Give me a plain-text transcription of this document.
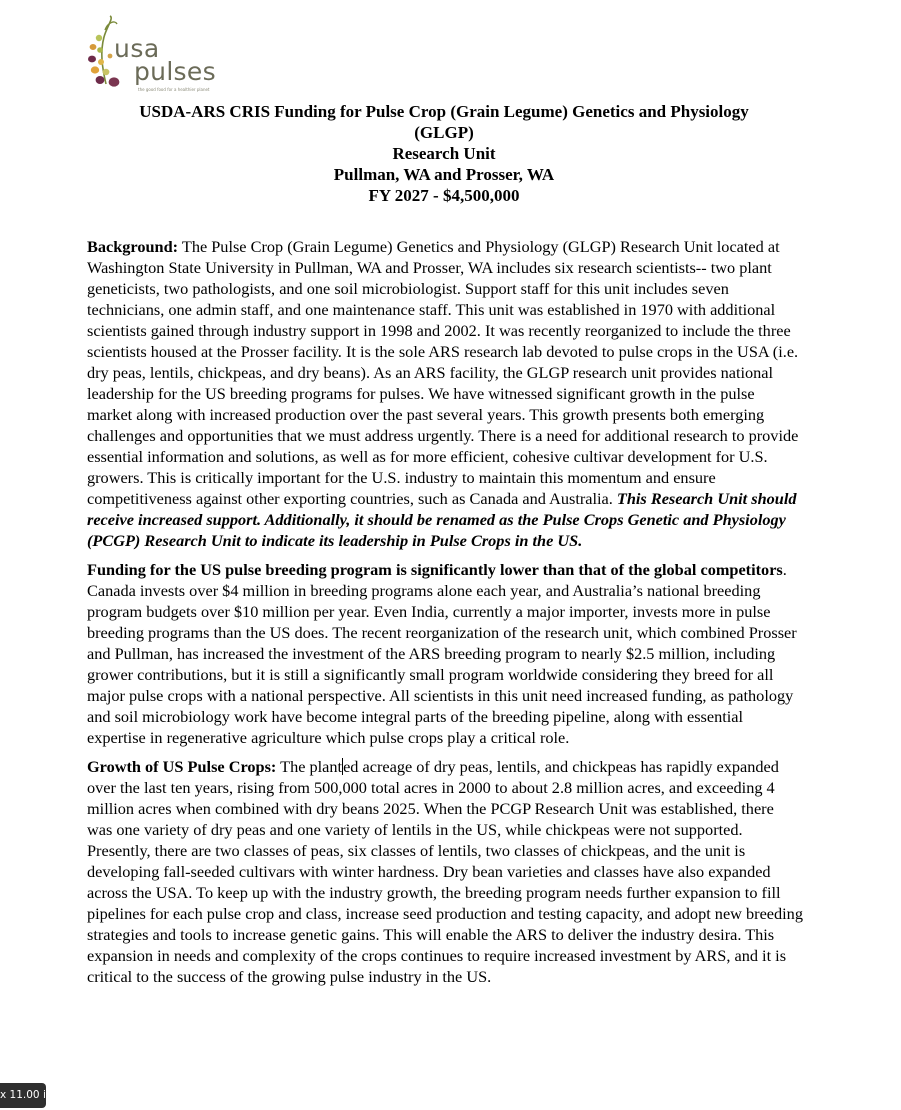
usa
pulses
the good food for a healthier planet
USDA-ARS CRIS Funding for Pulse Crop (Grain Legume) Genetics and Physiology
(GLGP)
Research Unit
Pullman, WA and Prosser, WA
FY 2027 - $4,500,000

Background: The Pulse Crop (Grain Legume) Genetics and Physiology (GLGP) Research Unit located at Washington State University in Pullman, WA and Prosser, WA includes six research scientists-- two plant geneticists, two pathologists, and one soil microbiologist. Support staff for this unit includes seven technicians, one admin staff, and one maintenance staff. This unit was established in 1970 with additional scientists gained through industry support in 1998 and 2002. It was recently reorganized to include the three scientists housed at the Prosser facility. It is the sole ARS research lab devoted to pulse crops in the USA (i.e. dry peas, lentils, chickpeas, and dry beans). As an ARS facility, the GLGP research unit provides national leadership for the US breeding programs for pulses. We have witnessed significant growth in the pulse market along with increased production over the past several years. This growth presents both emerging challenges and opportunities that we must address urgently. There is a need for additional research to provide essential information and solutions, as well as for more efficient, cohesive cultivar development for U.S. growers. This is critically important for the U.S. industry to maintain this momentum and ensure competitiveness against other exporting countries, such as Canada and Australia. This Research Unit should receive increased support. Additionally, it should be renamed as the Pulse Crops Genetic and Physiology (PCGP) Research Unit to indicate its leadership in Pulse Crops in the US.

Funding for the US pulse breeding program is significantly lower than that of the global competitors. Canada invests over $4 million in breeding programs alone each year, and Australia’s national breeding program budgets over $10 million per year. Even India, currently a major importer, invests more in pulse breeding programs than the US does. The recent reorganization of the research unit, which combined Prosser and Pullman, has increased the investment of the ARS breeding program to nearly $2.5 million, including grower contributions, but it is still a significantly small program worldwide considering they breed for all major pulse crops with a national perspective. All scientists in this unit need increased funding, as pathology and soil microbiology work have become integral parts of the breeding pipeline, along with essential expertise in regenerative agriculture which pulse crops play a critical role.

Growth of US Pulse Crops: The planted acreage of dry peas, lentils, and chickpeas has rapidly expanded over the last ten years, rising from 500,000 total acres in 2000 to about 2.8 million acres, and exceeding 4 million acres when combined with dry beans 2025. When the PCGP Research Unit was established, there was one variety of dry peas and one variety of lentils in the US, while chickpeas were not supported. Presently, there are two classes of peas, six classes of lentils, two classes of chickpeas, and the unit is developing fall-seeded cultivars with winter hardness. Dry bean varieties and classes have also expanded across the USA. To keep up with the industry growth, the breeding program needs further expansion to fill pipelines for each pulse crop and class, increase seed production and testing capacity, and adopt new breeding strategies and tools to increase genetic gains. This will enable the ARS to deliver the industry desira. This expansion in needs and complexity of the crops continues to require increased investment by ARS, and it is critical to the success of the growing pulse industry in the US.

x 11.00 in
